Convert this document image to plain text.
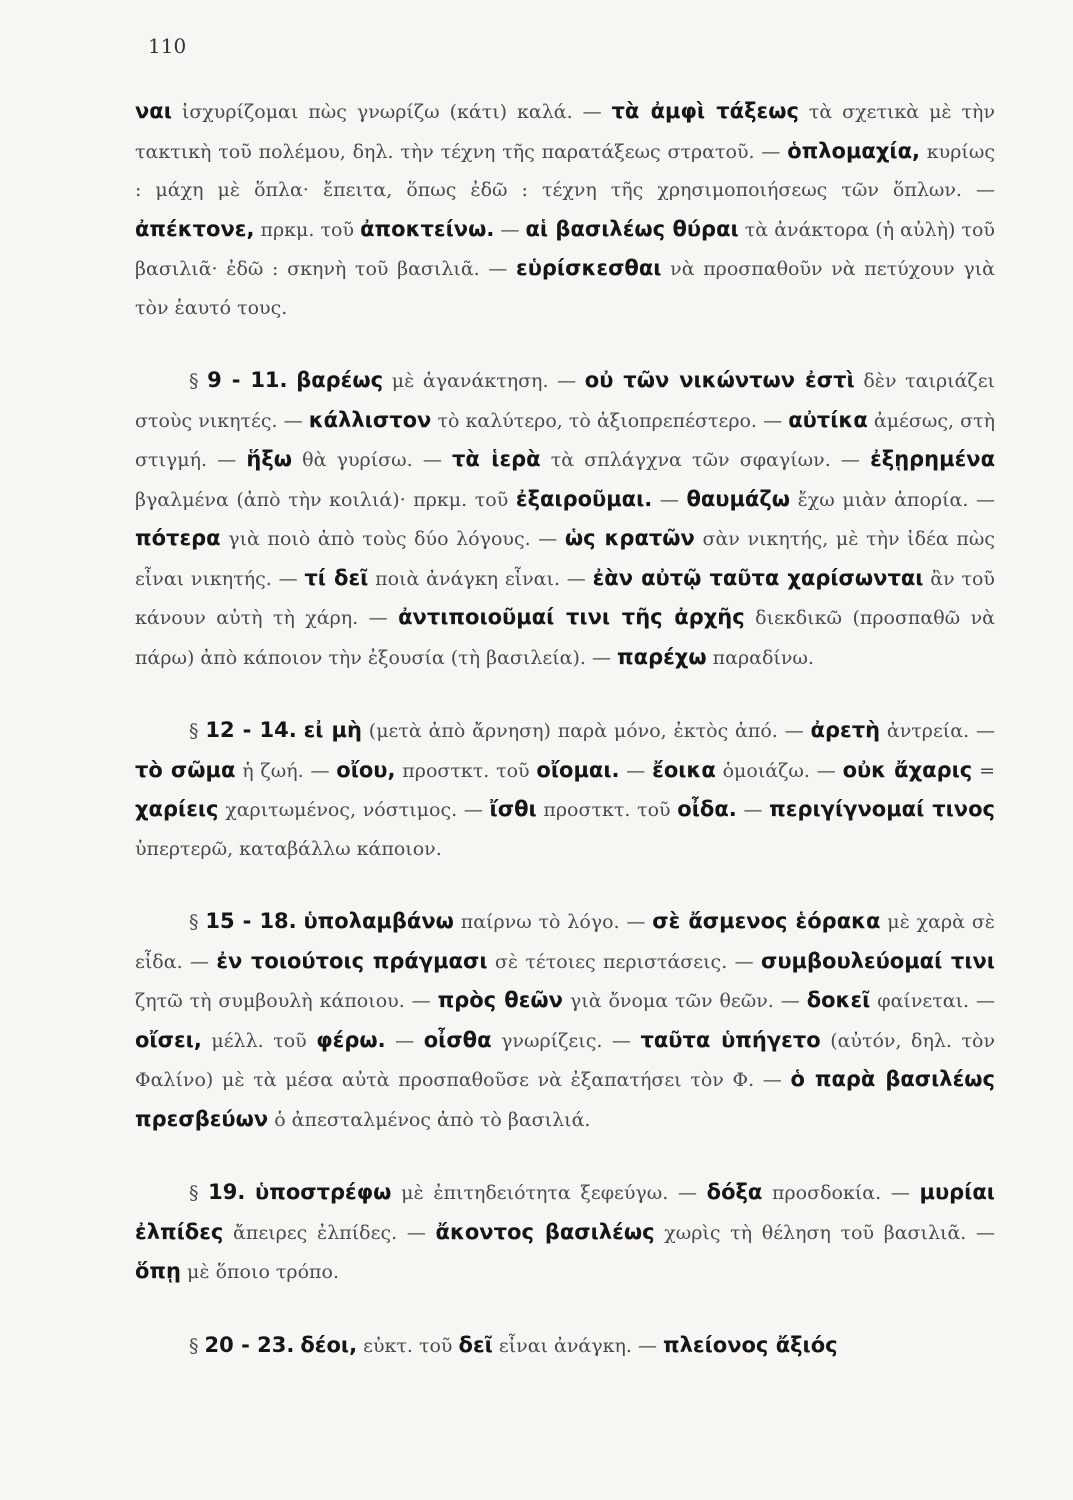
110

ναι ἰσχυρίζομαι πὼς γνωρίζω (κάτι) καλά. — τὰ ἀμφὶ τάξεως τὰ σχετικὰ μὲ τὴν τακτικὴ τοῦ πολέμου, δηλ. τὴν τέχνη τῆς παρατάξεως στρατοῦ. — ὁπλομαχία, κυρίως : μάχη μὲ ὅπλα· ἔπειτα, ὅπως ἐδῶ : τέχνη τῆς χρησιμοποιήσεως τῶν ὅπλων. — ἀπέκτονε, πρκμ. τοῦ ἀποκτείνω. — αἱ βασιλέως θύραι τὰ ἀνάκτορα (ἡ αὐλὴ) τοῦ βασιλιᾶ· ἐδῶ : σκηνὴ τοῦ βασιλιᾶ. — εὑρίσκεσθαι νὰ προσπαθοῦν νὰ πετύχουν γιὰ τὸν ἑαυτό τους.

§ 9 - 11. βαρέως μὲ ἀγανάκτηση. — οὐ τῶν νικώντων ἐστὶ δὲν ταιριάζει στοὺς νικητές. — κάλλιστον τὸ καλύτερο, τὸ ἀξιοπρεπέστερο. — αὐτίκα ἀμέσως, στὴ στιγμή. — ἥξω θὰ γυρίσω. — τὰ ἱερὰ τὰ σπλάγχνα τῶν σφαγίων. — ἐξῃρημένα βγαλμένα (ἀπὸ τὴν κοιλιά)· πρκμ. τοῦ ἐξαιροῦμαι. — θαυμάζω ἔχω μιὰν ἀπορία. — πότερα γιὰ ποιὸ ἀπὸ τοὺς δύο λόγους. — ὡς κρατῶν σὰν νικητής, μὲ τὴν ἰδέα πὼς εἶναι νικητής. — τί δεῖ ποιὰ ἀνάγκη εἶναι. — ἐὰν αὐτῷ ταῦτα χαρίσωνται ἂν τοῦ κάνουν αὐτὴ τὴ χάρη. — ἀντιποιοῦμαί τινι τῆς ἀρχῆς διεκδικῶ (προσπαθῶ νὰ πάρω) ἀπὸ κάποιον τὴν ἐξουσία (τὴ βασιλεία). — παρέχω παραδίνω.

§ 12 - 14. εἰ μὴ (μετὰ ἀπὸ ἄρνηση) παρὰ μόνο, ἐκτὸς ἀπό. — ἀρετὴ ἀντρεία. — τὸ σῶμα ἡ ζωή. — οἴου, προστκτ. τοῦ οἴομαι. — ἔοικα ὁμοιάζω. — οὐκ ἄχαρις = χαρίεις χαριτωμένος, νόστιμος. — ἴσθι προστκτ. τοῦ οἶδα. — περιγίγνομαί τινος ὑπερτερῶ, καταβάλλω κάποιον.

§ 15 - 18. ὑπολαμβάνω παίρνω τὸ λόγο. — σὲ ἄσμενος ἑόρακα μὲ χαρὰ σὲ εἶδα. — ἐν τοιούτοις πράγμασι σὲ τέτοιες περιστάσεις. — συμβουλεύομαί τινι ζητῶ τὴ συμβουλὴ κάποιου. — πρὸς θεῶν γιὰ ὄνομα τῶν θεῶν. — δοκεῖ φαίνεται. — οἴσει, μέλλ. τοῦ φέρω. — οἶσθα γνωρίζεις. — ταῦτα ὑπήγετο (αὐτόν, δηλ. τὸν Φαλίνο) μὲ τὰ μέσα αὐτὰ προσπαθοῦσε νὰ ἐξαπατήσει τὸν Φ. — ὁ παρὰ βασιλέως πρεσβεύων ὁ ἀπεσταλμένος ἀπὸ τὸ βασιλιά.

§ 19. ὑποστρέφω μὲ ἐπιτηδειότητα ξεφεύγω. — δόξα προσδοκία. — μυρίαι ἐλπίδες ἄπειρες ἐλπίδες. — ἄκοντος βασιλέως χωρὶς τὴ θέληση τοῦ βασιλιᾶ. — ὅπῃ μὲ ὅποιο τρόπο.

§ 20 - 23. δέοι, εὐκτ. τοῦ δεῖ εἶναι ἀνάγκη. — πλείονος ἄξιός
